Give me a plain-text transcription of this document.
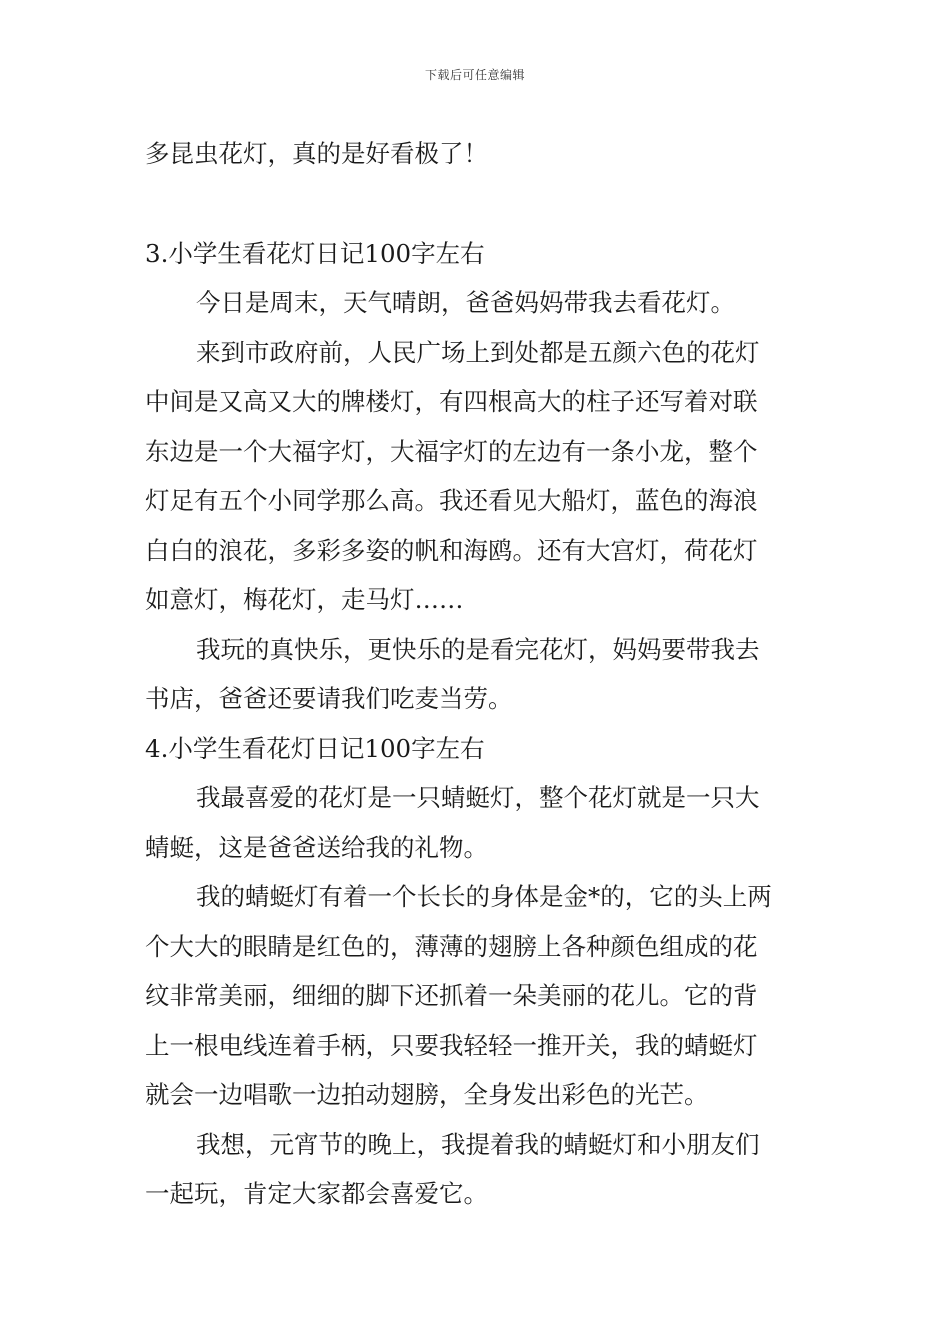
下载后可任意编辑
多昆虫花灯，真的是好看极了！
3.小学生看花灯日记100字左右
今日是周末，天气晴朗，爸爸妈妈带我去看花灯。
来到市政府前，人民广场上到处都是五颜六色的花灯
中间是又高又大的牌楼灯，有四根高大的柱子还写着对联
东边是一个大福字灯，大福字灯的左边有一条小龙，整个
灯足有五个小同学那么高。我还看见大船灯，蓝色的海浪
白白的浪花，多彩多姿的帆和海鸥。还有大宫灯，荷花灯
如意灯，梅花灯，走马灯……
我玩的真快乐，更快乐的是看完花灯，妈妈要带我去
书店，爸爸还要请我们吃麦当劳。
4.小学生看花灯日记100字左右
我最喜爱的花灯是一只蜻蜓灯，整个花灯就是一只大
蜻蜓，这是爸爸送给我的礼物。
我的蜻蜓灯有着一个长长的身体是金*的，它的头上两
个大大的眼睛是红色的，薄薄的翅膀上各种颜色组成的花
纹非常美丽，细细的脚下还抓着一朵美丽的花儿。它的背
上一根电线连着手柄，只要我轻轻一推开关，我的蜻蜓灯
就会一边唱歌一边拍动翅膀，全身发出彩色的光芒。
我想，元宵节的晚上，我提着我的蜻蜓灯和小朋友们
一起玩，肯定大家都会喜爱它。
